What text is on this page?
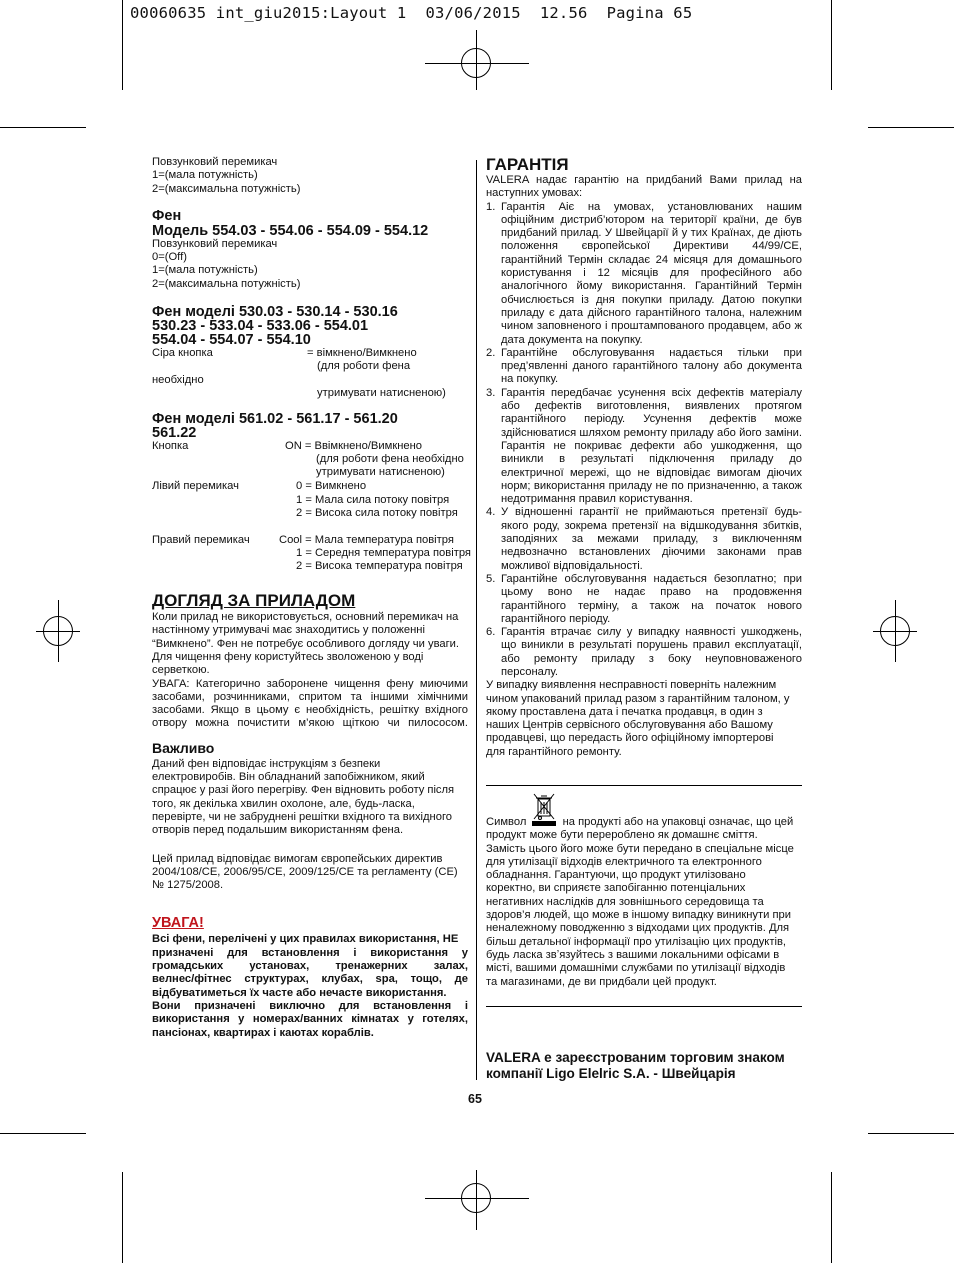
00060635 int_giu2015:Layout 1  03/06/2015  12.56  Pagina 65
Повзунковий перемикач
1=(мала потужність)
2=(максимальна потужність)
Фен
Модель 554.03 - 554.06 - 554.09 - 554.12
Повзунковий перемикач
0=(Off)
1=(мала потужність)
2=(максимальна потужність)
Фен моделі 530.03 - 530.14 - 530.16
530.23 - 533.04 - 533.06 - 554.01
554.04 - 554.07 - 554.10
Сіра кнопка	= вімкнено/Вимкнено
(для роботи фена
необхідно
утримувати натисненою)
Фен моделі 561.02 - 561.17 - 561.20
561.22
Кнопка	ON = Ввімкнено/Вимкнено
(для роботи фена необхідно
утримувати натисненою)
Лівий перемикач	0 = Вимкнено
1 = Мала сила потоку повітря
2 = Висока сила потоку повітря
Правий перемикач	Cool = Мала температура повітря
1 = Середня температура повітря
2 = Висока температура повітря
ДОГЛЯД ЗА ПРИЛАДОМ
Коли прилад не використовується, основний перемикач на
настінному утримувачі має знаходитись у положенні
“Вимкнено”. Фен не потребує особливого догляду чи уваги.
Для чищення фену користуйтесь зволоженою у воді
серветкою.
УВАГА: Категорично заборонене чищення фену миючими
засобами, розчинниками, спритом та іншими хімічними
засобами. Якщо в цьому є необхідність, решітку вхідного
отвору можна почистити м’якою щіткою чи пилососом.
Важливо
Даний фен відповідає інструкціям з безпеки
електровиробів. Він обладнаний запобіжником, який
спрацює у разі його перегріву. Фен відновить роботу після
того, як декілька хвилин охолоне, але, будь-ласка,
перевірте, чи не забруднені решітки вхідного та вихідного
отворів перед подальшим використанням фена.
Цей прилад відповідає вимогам європейських директив
2004/108/CE, 2006/95/CE, 2009/125/CE та регламенту (CE)
№ 1275/2008.
УВАГА!
Всі фени, перелічені у цих правилах використання, НЕ
призначені для встановлення і використання у
громадських установах, тренажерних залах,
велнес/фітнес структурах, клубах, spa, тощо, де
відбуватиметься їх часте або нечасте використання.
Вони призначені виключно для встановлення і
використання у номерах/ванних кімнатах у готелях,
пансіонах, квартирах і каютах кораблів.
ГАРАНТІЯ
VALERA надає гарантію на придбаний Вами прилад на
наступних умовах:
1. Гарантія Аіє на умовах, установлюваних нашим
офіційним дистриб’ютором на території країни, де був
придбаний прилад. У Швейцарії й у тих Країнах, де діють
положення європейської Директиви 44/99/CE,
гарантійний Термін складає 24 місяця для домашнього
користування і 12 місяців для професійного або
аналогічного йому використання. Гарантійний Термін
обчислюється із дня покупки приладу. Датою покупки
приладу є дата дійсного гарантійного талона, належним
чином заповненого і проштампованого продавцем, або ж
дата документа на покупку.
2. Гарантійне обслуговування надається тільки при
пред’явленні даного гарантійного талону або документа
на покупку.
3. Гарантія передбачає усунення всіх дефектів матеріалу
або дефектів виготовлення, виявлених протягом
гарантійного періоду. Усунення дефектів може
здійснюватися шляхом ремонту приладу або його заміни.
Гарантія не покриває дефекти або ушкодження, що
виникли в результаті підключення приладу до
електричної мережі, що не відповідає вимогам діючих
норм; використання приладу не по призначенню, а також
недотримання правил користування.
4. У відношенні гарантії не приймаються претензії будь-
якого роду, зокрема претензії на відшкодування збитків,
заподіяних за межами приладу, з виключенням
недвозначно встановлених діючими законами прав
можливої відповідальності.
5. Гарантійне обслуговування надається безоплатно; при
цьому воно не надає право на продовження
гарантійного терміну, а також на початок нового
гарантійного періоду.
6. Гарантія втрачає силу у випадку наявності ушкоджень,
що виникли в результаті порушень правил експлуатації,
або ремонту приладу з боку неуповноваженого
персоналу.
У випадку виявлення несправності поверніть належним
чином упакований прилад разом з гарантійним талоном, у
якому проставлена дата і печатка продавця, в один з
наших Центрів сервісного обслуговування або Вашому
продавцеві, що передасть його офіційному імпортерові
для гарантійного ремонту.
Символ	на продукті або на упаковці означає, що цей
продукт може бути перероблено як домашнє сміття.
Замість цього його може бути передано в спеціальне місце
для утилізації відходів електричного та електронного
обладнання. Гарантуючи, що продукт утилізовано
коректно, ви сприяєте запобіганню потенціальних
негативних наслідків для зовнішнього середовища та
здоров’я людей, що може в іншому випадку виникнути при
неналежному поводженню з відходами цих продуктів. Для
більш детальної інформації про утилізацію цих продуктів,
будь ласка звʼязуйтесь з вашими локальними офісами в
місті, вашими домашніми службами по утилізації відходів
та магазинами, де ви придбали цей продукт.
VALERA е зареєстрованим торговим знаком
компанії Ligo Elelric S.A. - Швейцарія
65
